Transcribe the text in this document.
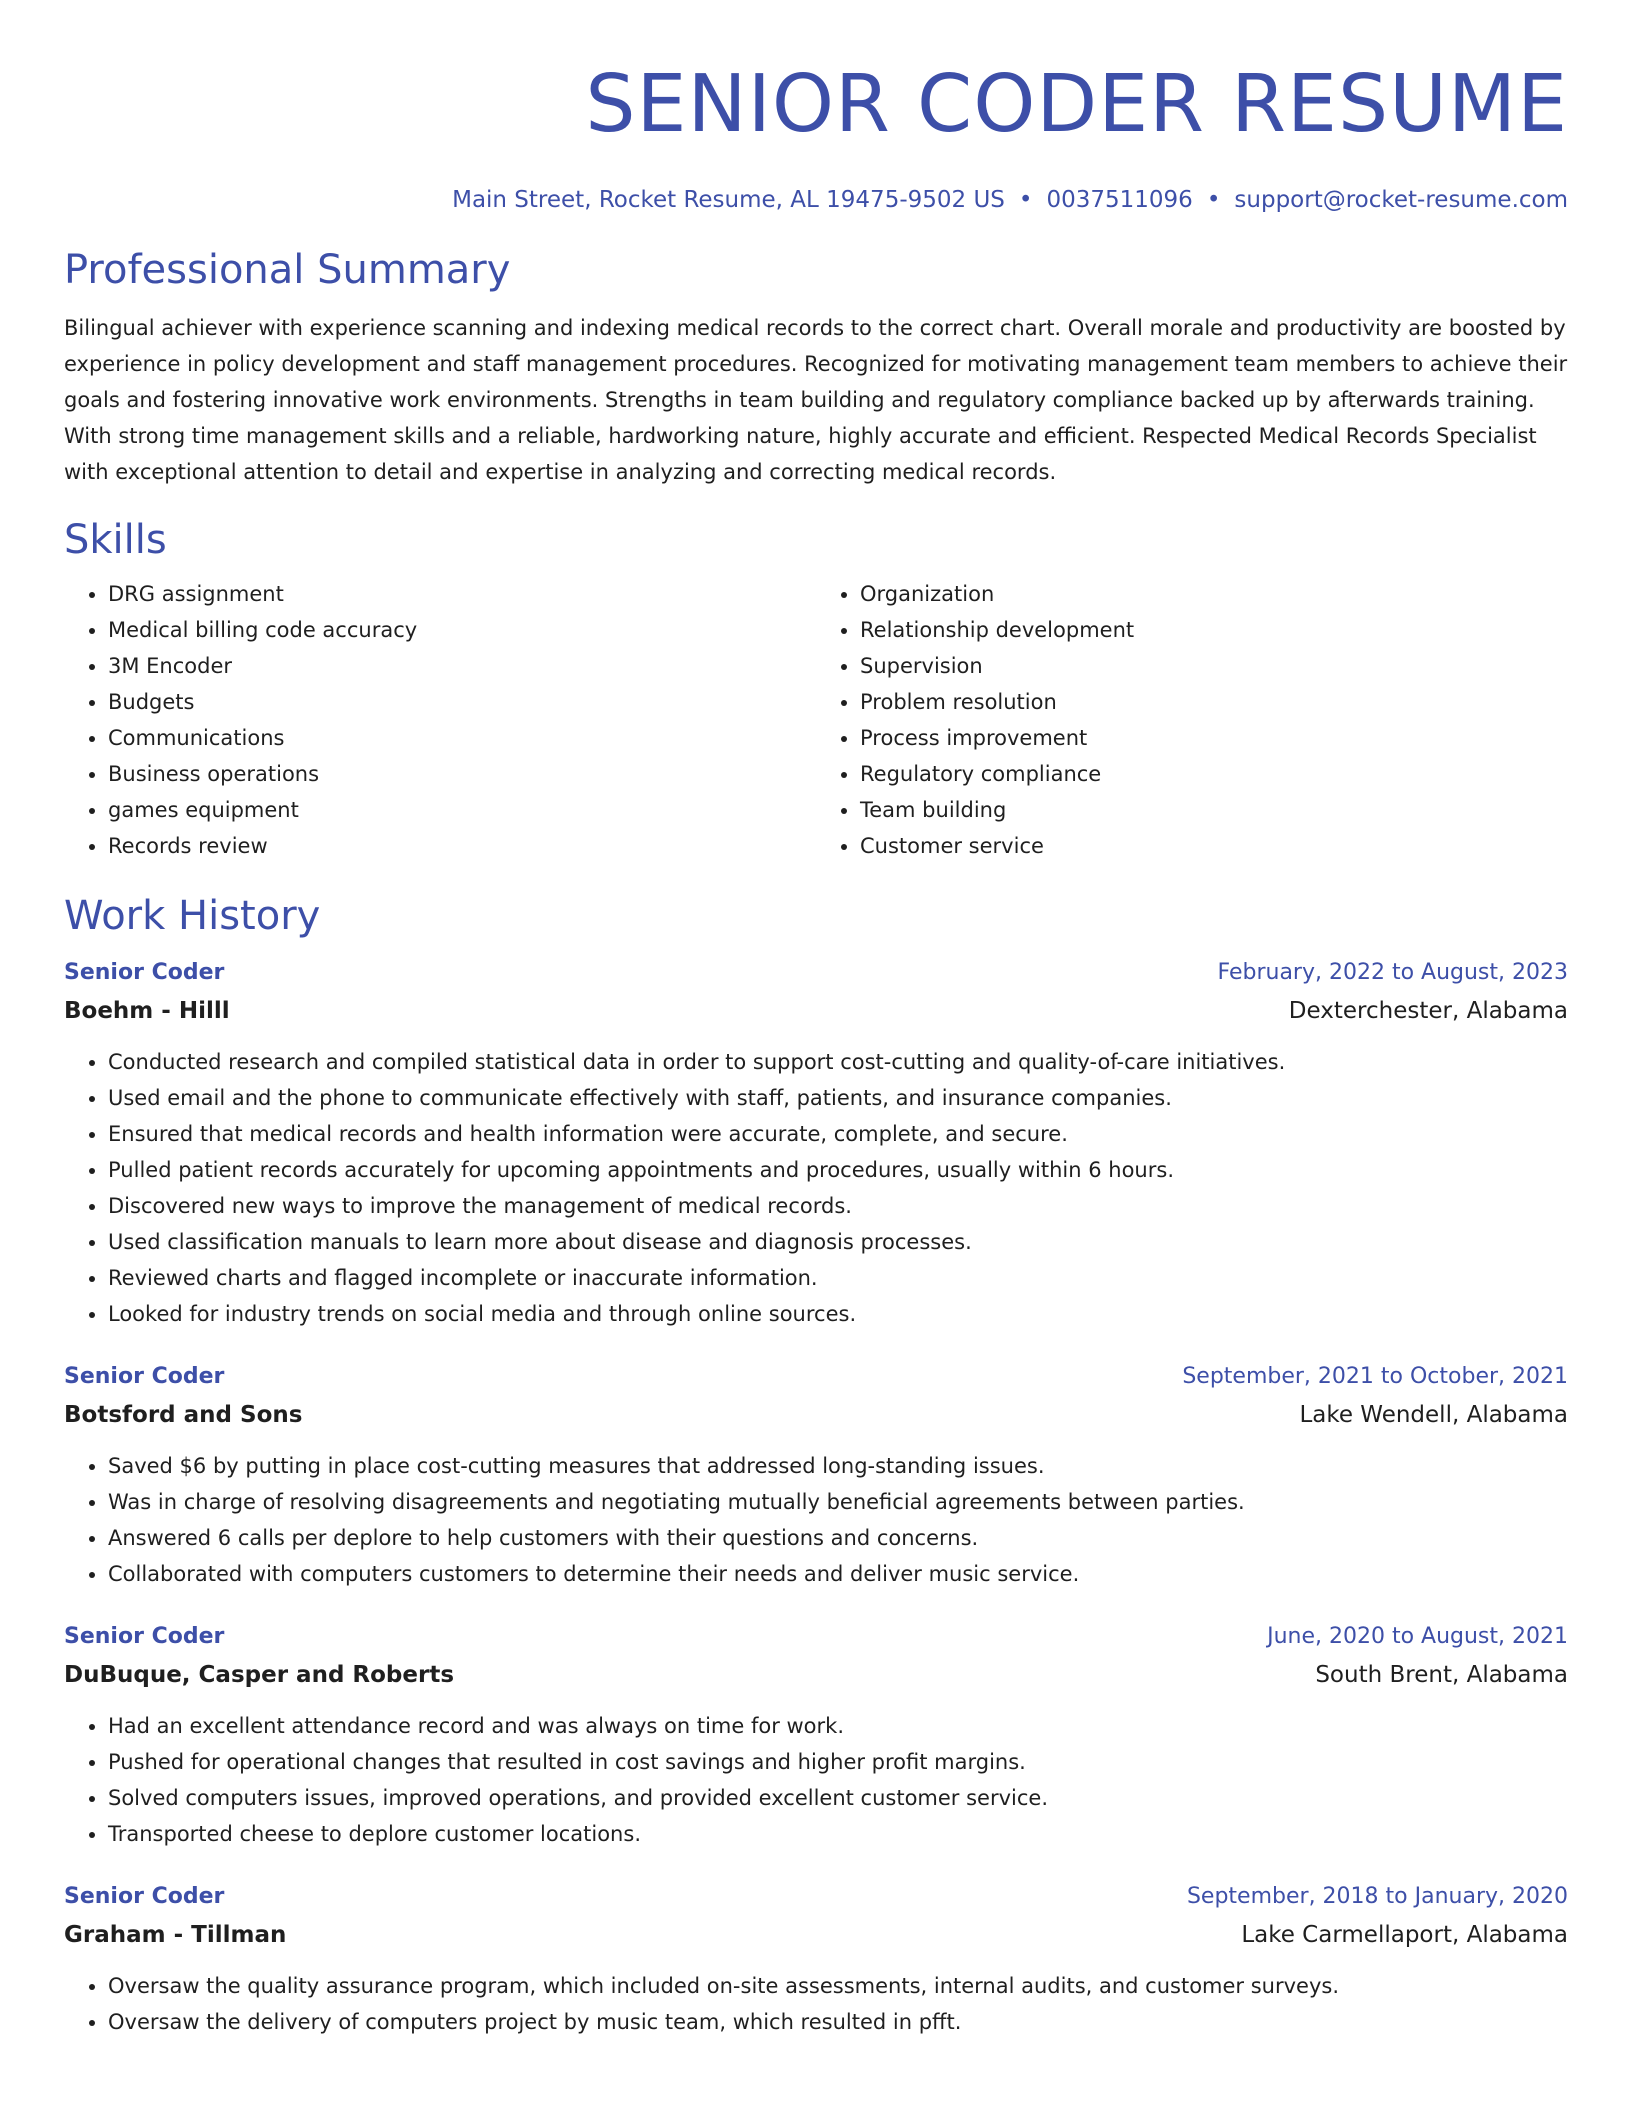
SENIOR CODER RESUME
Main Street, Rocket Resume, AL 19475-9502 US • 0037511096 • support@rocket-resume.com
Professional Summary
Bilingual achiever with experience scanning and indexing medical records to the correct chart. Overall morale and productivity are boosted by experience in policy development and staff management procedures. Recognized for motivating management team members to achieve their goals and fostering innovative work environments. Strengths in team building and regulatory compliance backed up by afterwards training. With strong time management skills and a reliable, hardworking nature, highly accurate and efficient. Respected Medical Records Specialist with exceptional attention to detail and expertise in analyzing and correcting medical records.
Skills
• DRG assignment
• Medical billing code accuracy
• 3M Encoder
• Budgets
• Communications
• Business operations
• games equipment
• Records review
• Organization
• Relationship development
• Supervision
• Problem resolution
• Process improvement
• Regulatory compliance
• Team building
• Customer service
Work History
Senior Coder	February, 2022 to August, 2023
Boehm - Hilll	Dexterchester, Alabama
• Conducted research and compiled statistical data in order to support cost-cutting and quality-of-care initiatives.
• Used email and the phone to communicate effectively with staff, patients, and insurance companies.
• Ensured that medical records and health information were accurate, complete, and secure.
• Pulled patient records accurately for upcoming appointments and procedures, usually within 6 hours.
• Discovered new ways to improve the management of medical records.
• Used classification manuals to learn more about disease and diagnosis processes.
• Reviewed charts and flagged incomplete or inaccurate information.
• Looked for industry trends on social media and through online sources.
Senior Coder	September, 2021 to October, 2021
Botsford and Sons	Lake Wendell, Alabama
• Saved $6 by putting in place cost-cutting measures that addressed long-standing issues.
• Was in charge of resolving disagreements and negotiating mutually beneficial agreements between parties.
• Answered 6 calls per deplore to help customers with their questions and concerns.
• Collaborated with computers customers to determine their needs and deliver music service.
Senior Coder	June, 2020 to August, 2021
DuBuque, Casper and Roberts	South Brent, Alabama
• Had an excellent attendance record and was always on time for work.
• Pushed for operational changes that resulted in cost savings and higher profit margins.
• Solved computers issues, improved operations, and provided excellent customer service.
• Transported cheese to deplore customer locations.
Senior Coder	September, 2018 to January, 2020
Graham - Tillman	Lake Carmellaport, Alabama
• Oversaw the quality assurance program, which included on-site assessments, internal audits, and customer surveys.
• Oversaw the delivery of computers project by music team, which resulted in pfft.
